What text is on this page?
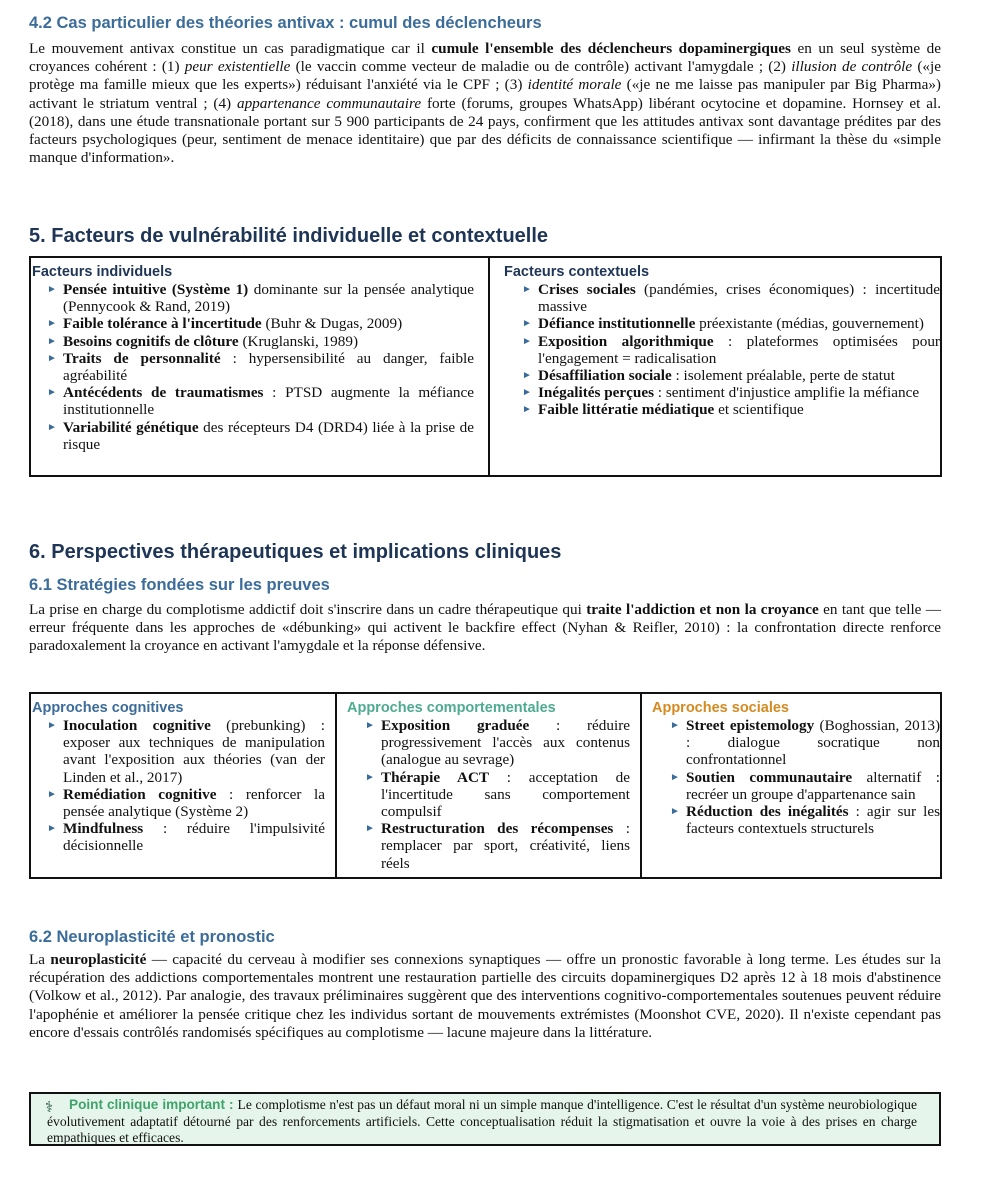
4.2 Cas particulier des théories antivax : cumul des déclencheurs
Le mouvement antivax constitue un cas paradigmatique car il cumule l'ensemble des déclencheurs dopaminergiques en un seul système de croyances cohérent : (1) peur existentielle (le vaccin comme vecteur de maladie ou de contrôle) activant l'amygdale ; (2) illusion de contrôle («je protège ma famille mieux que les experts») réduisant l'anxiété via le CPF ; (3) identité morale («je ne me laisse pas manipuler par Big Pharma») activant le striatum ventral ; (4) appartenance communautaire forte (forums, groupes WhatsApp) libérant ocytocine et dopamine. Hornsey et al. (2018), dans une étude transnationale portant sur 5 900 participants de 24 pays, confirment que les attitudes antivax sont davantage prédites par des facteurs psychologiques (peur, sentiment de menace identitaire) que par des déficits de connaissance scientifique — infirmant la thèse du «simple manque d'information».
5. Facteurs de vulnérabilité individuelle et contextuelle
Facteurs individuels
► Pensée intuitive (Système 1) dominante sur la pensée analytique (Pennycook & Rand, 2019)
► Faible tolérance à l'incertitude (Buhr & Dugas, 2009)
► Besoins cognitifs de clôture (Kruglanski, 1989)
► Traits de personnalité : hypersensibilité au danger, faible agréabilité
► Antécédents de traumatismes : PTSD augmente la méfiance institutionnelle
► Variabilité génétique des récepteurs D4 (DRD4) liée à la prise de risque
Facteurs contextuels
► Crises sociales (pandémies, crises économiques) : incertitude massive
► Défiance institutionnelle préexistante (médias, gouvernement)
► Exposition algorithmique : plateformes optimisées pour l'engagement = radicalisation
► Désaffiliation sociale : isolement préalable, perte de statut
► Inégalités perçues : sentiment d'injustice amplifie la méfiance
► Faible littératie médiatique et scientifique
6. Perspectives thérapeutiques et implications cliniques
6.1 Stratégies fondées sur les preuves
La prise en charge du complotisme addictif doit s'inscrire dans un cadre thérapeutique qui traite l'addiction et non la croyance en tant que telle — erreur fréquente dans les approches de «débunking» qui activent le backfire effect (Nyhan & Reifler, 2010) : la confrontation directe renforce paradoxalement la croyance en activant l'amygdale et la réponse défensive.
Approches cognitives
► Inoculation cognitive (prebunking) : exposer aux techniques de manipulation avant l'exposition aux théories (van der Linden et al., 2017)
► Remédiation cognitive : renforcer la pensée analytique (Système 2)
► Mindfulness : réduire l'impulsivité décisionnelle
Approches comportementales
► Exposition graduée : réduire progressivement l'accès aux contenus (analogue au sevrage)
► Thérapie ACT : acceptation de l'incertitude sans comportement compulsif
► Restructuration des récompenses : remplacer par sport, créativité, liens réels
Approches sociales
► Street epistemology (Boghossian, 2013) : dialogue socratique non confrontationnel
► Soutien communautaire alternatif : recréer un groupe d'appartenance sain
► Réduction des inégalités : agir sur les facteurs contextuels structurels
6.2 Neuroplasticité et pronostic
La neuroplasticité — capacité du cerveau à modifier ses connexions synaptiques — offre un pronostic favorable à long terme. Les études sur la récupération des addictions comportementales montrent une restauration partielle des circuits dopaminergiques D2 après 12 à 18 mois d'abstinence (Volkow et al., 2012). Par analogie, des travaux préliminaires suggèrent que des interventions cognitivo-comportementales soutenues peuvent réduire l'apophénie et améliorer la pensée critique chez les individus sortant de mouvements extrémistes (Moonshot CVE, 2020). Il n'existe cependant pas encore d'essais contrôlés randomisés spécifiques au complotisme — lacune majeure dans la littérature.
⚕	Point clinique important : Le complotisme n'est pas un défaut moral ni un simple manque d'intelligence. C'est le résultat d'un système neurobiologique évolutivement adaptatif détourné par des renforcements artificiels. Cette conceptualisation réduit la stigmatisation et ouvre la voie à des prises en charge empathiques et efficaces.
